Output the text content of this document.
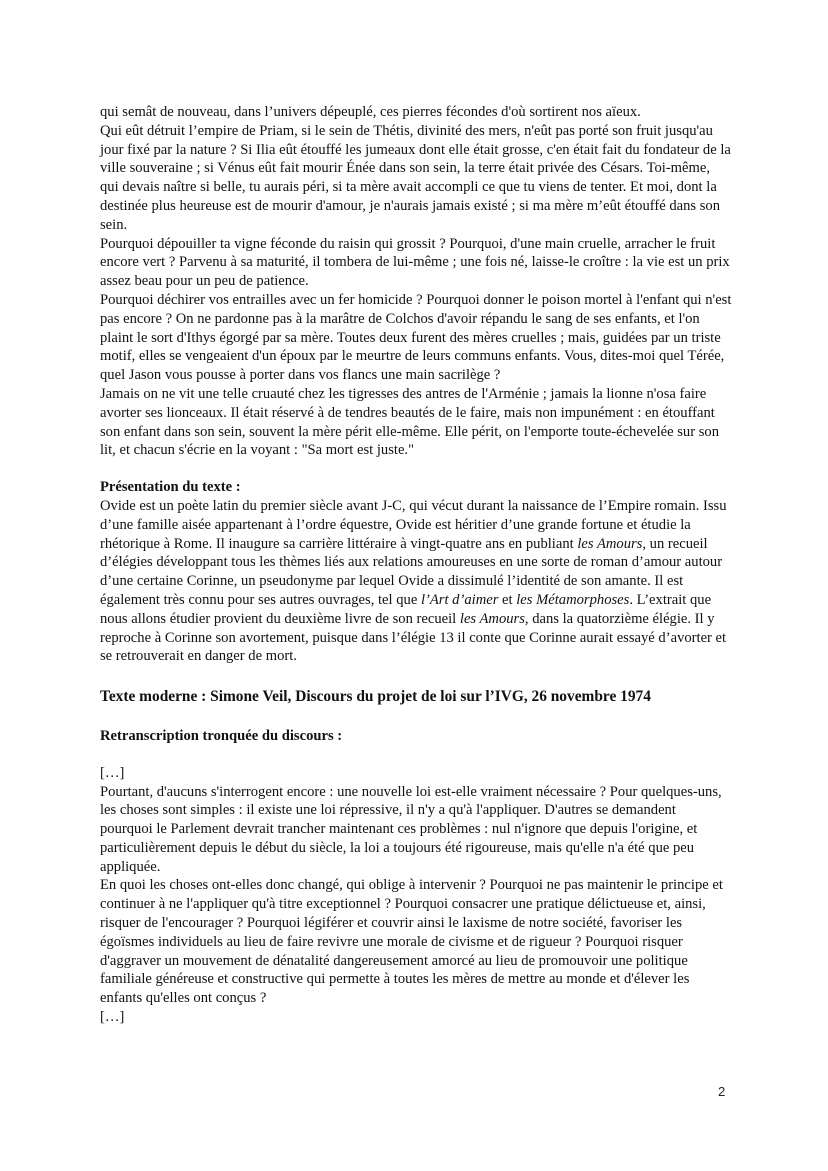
qui semât de nouveau, dans l’univers dépeuplé, ces pierres fécondes d'où sortirent nos aïeux.

Qui eût détruit l’empire de Priam, si le sein de Thétis, divinité des mers, n'eût pas porté son fruit jusqu'au jour fixé par la nature ? Si Ilia eût étouffé les jumeaux dont elle était grosse, c'en était fait du fondateur de la ville souveraine ; si Vénus eût fait mourir Énée dans son sein, la terre était privée des Césars. Toi-même, qui devais naître si belle, tu aurais péri, si ta mère avait accompli ce que tu viens de tenter. Et moi, dont la destinée plus heureuse est de mourir d'amour, je n'aurais jamais existé ; si ma mère m’eût étouffé dans son sein.

Pourquoi dépouiller ta vigne féconde du raisin qui grossit ? Pourquoi, d'une main cruelle, arracher le fruit encore vert ? Parvenu à sa maturité, il tombera de lui-même ; une fois né, laisse-le croître : la vie est un prix assez beau pour un peu de patience.

Pourquoi déchirer vos entrailles avec un fer homicide ? Pourquoi donner le poison mortel à l'enfant qui n'est pas encore ? On ne pardonne pas à la marâtre de Colchos d'avoir répandu le sang de ses enfants, et l'on plaint le sort d'Ithys égorgé par sa mère. Toutes deux furent des mères cruelles ; mais, guidées par un triste motif, elles se vengeaient d'un époux par le meurtre de leurs communs enfants. Vous, dites-moi quel Térée, quel Jason vous pousse à porter dans vos flancs une main sacrilège ?

Jamais on ne vit une telle cruauté chez les tigresses des antres de l'Arménie ; jamais la lionne n'osa faire avorter ses lionceaux. Il était réservé à de tendres beautés de le faire, mais non impunément : en étouffant son enfant dans son sein, souvent la mère périt elle-même. Elle périt, on l'emporte toute-échevelée sur son lit, et chacun s'écrie en la voyant : "Sa mort est juste."

Présentation du texte :

Ovide est un poète latin du premier siècle avant J-C, qui vécut durant la naissance de l’Empire romain. Issu d’une famille aisée appartenant à l’ordre équestre, Ovide est héritier d’une grande fortune et étudie la rhétorique à Rome. Il inaugure sa carrière littéraire à vingt-quatre ans en publiant les Amours, un recueil d’élégies développant tous les thèmes liés aux relations amoureuses en une sorte de roman d’amour autour d’une certaine Corinne, un pseudonyme par lequel Ovide a dissimulé l’identité de son amante. Il est également très connu pour ses autres ouvrages, tel que l’Art d’aimer et les Métamorphoses. L’extrait que nous allons étudier provient du deuxième livre de son recueil les Amours, dans la quatorzième élégie. Il y reproche à Corinne son avortement, puisque dans l’élégie 13 il conte que Corinne aurait essayé d’avorter et se retrouverait en danger de mort.

Texte moderne : Simone Veil, Discours du projet de loi sur l’IVG, 26 novembre 1974

Retranscription tronquée du discours :

[…]

Pourtant, d'aucuns s'interrogent encore : une nouvelle loi est-elle vraiment nécessaire ? Pour quelques-uns, les choses sont simples : il existe une loi répressive, il n'y a qu'à l'appliquer. D'autres se demandent pourquoi le Parlement devrait trancher maintenant ces problèmes : nul n'ignore que depuis l'origine, et particulièrement depuis le début du siècle, la loi a toujours été rigoureuse, mais qu'elle n'a été que peu appliquée.

En quoi les choses ont-elles donc changé, qui oblige à intervenir ? Pourquoi ne pas maintenir le principe et continuer à ne l'appliquer qu'à titre exceptionnel ? Pourquoi consacrer une pratique délictueuse et, ainsi, risquer de l'encourager ? Pourquoi légiférer et couvrir ainsi le laxisme de notre société, favoriser les égoïsmes individuels au lieu de faire revivre une morale de civisme et de rigueur ? Pourquoi risquer d'aggraver un mouvement de dénatalité dangereusement amorcé au lieu de promouvoir une politique familiale généreuse et constructive qui permette à toutes les mères de mettre au monde et d'élever les enfants qu'elles ont conçus ?

[…]

2
